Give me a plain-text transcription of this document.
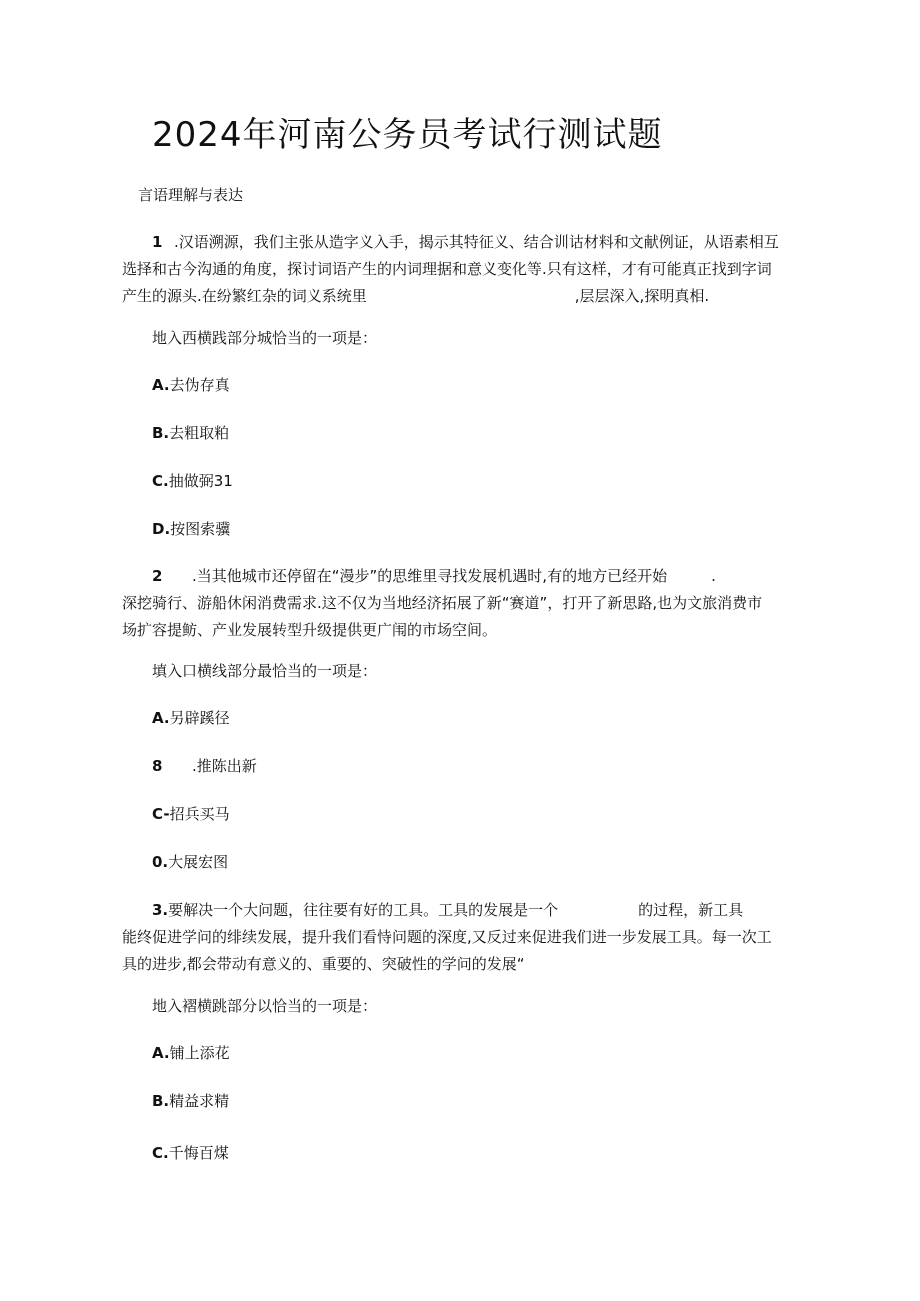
2024年河南公务员考试行测试题
言语理解与表达
1 .汉语溯源，我们主张从造字义入手，揭示其特征义、结合训诂材料和文献例证，从语素相互
选择和古今沟通的角度，探讨词语产生的内词理据和意义变化等.只有这样，才有可能真正找到字词
产生的源头.在纷繁红杂的词义系统里	,层层深入,探明真相.
地入西横践部分城恰当的一项是：
A.去伪存真
B.去粗取粕
C.抽做弼31
D.按图索骥
2 .当其他城市还停留在“漫步”的思维里寻找发展机遇时,有的地方已经开始	.
深挖骑行、游船休闲消费需求.这不仅为当地经济拓展了新“赛道”，打开了新思路,也为文旅消费市
场扩容提鲂、产业发展转型升级提供更广闱的市场空间。
填入口横线部分最恰当的一项是：
A.另辟蹊径
8 .推陈出新
C-招兵买马
0.大展宏图
3.要解决一个大问题，往往要有好的工具。工具的发展是一个	的过程，新工具
能终促进学问的绯续发展，提升我们看恃问题的深度,又反过来促进我们进一步发展工具。每一次工
具的进步,都会带动有意义的、重要的、突破性的学问的发展“
地入褶横跳部分以恰当的一项是：
A.铺上添花
B.精益求精
C.千悔百煤
